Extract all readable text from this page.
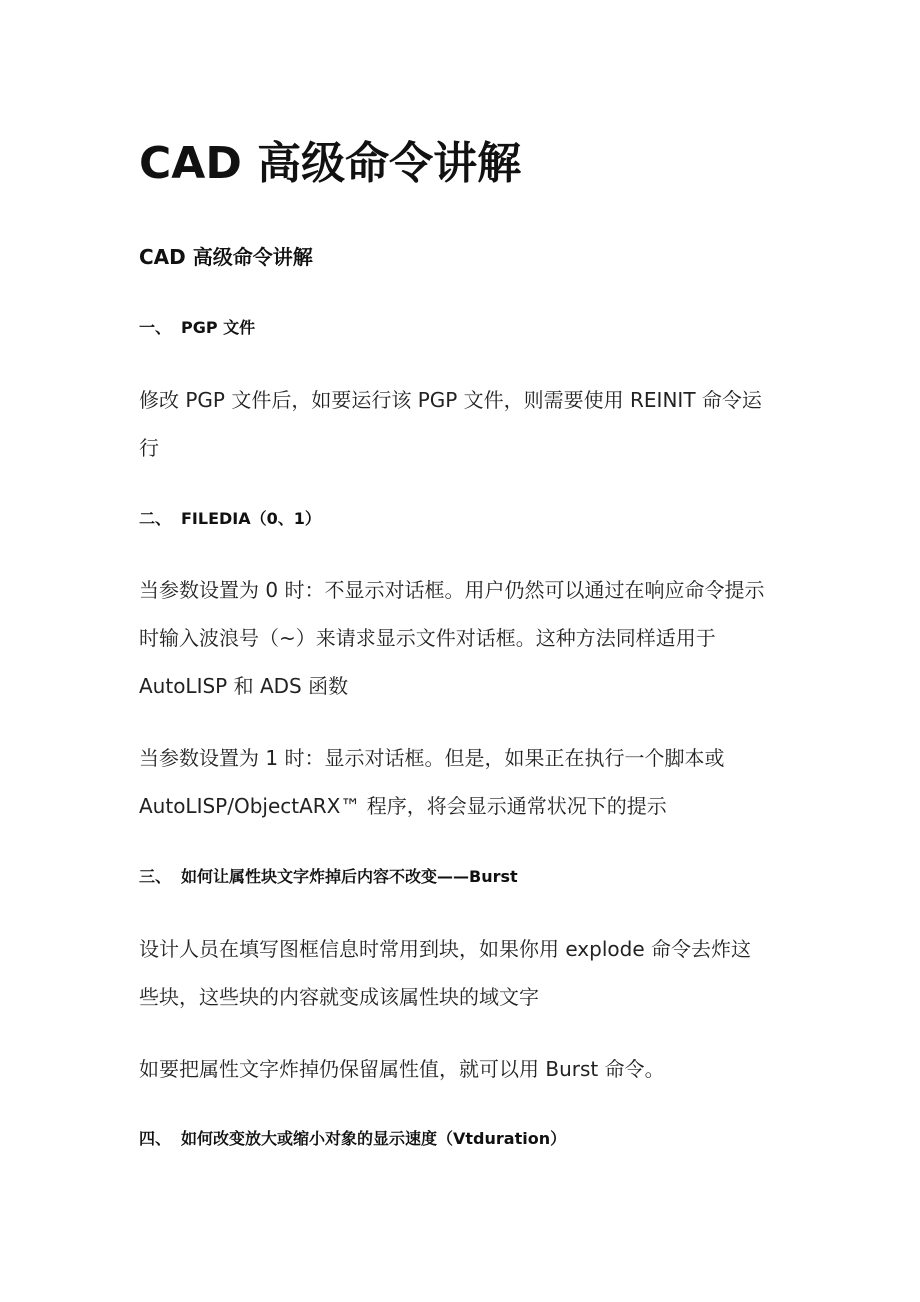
CAD 高级命令讲解
CAD 高级命令讲解
一、 PGP 文件

修改 PGP 文件后，如要运行该 PGP 文件，则需要使用 REINIT 命令运
行

二、 FILEDIA（0、1）

当参数设置为 0 时：不显示对话框。用户仍然可以通过在响应命令提示
时输入波浪号（~）来请求显示文件对话框。这种方法同样适用于
AutoLISP 和 ADS 函数

当参数设置为 1 时：显示对话框。但是，如果正在执行一个脚本或
AutoLISP/ObjectARX™ 程序，将会显示通常状况下的提示

三、 如何让属性块文字炸掉后内容不改变——Burst

设计人员在填写图框信息时常用到块，如果你用 explode 命令去炸这
些块，这些块的内容就变成该属性块的域文字

如要把属性文字炸掉仍保留属性值，就可以用 Burst 命令。

四、 如何改变放大或缩小对象的显示速度（Vtduration）
